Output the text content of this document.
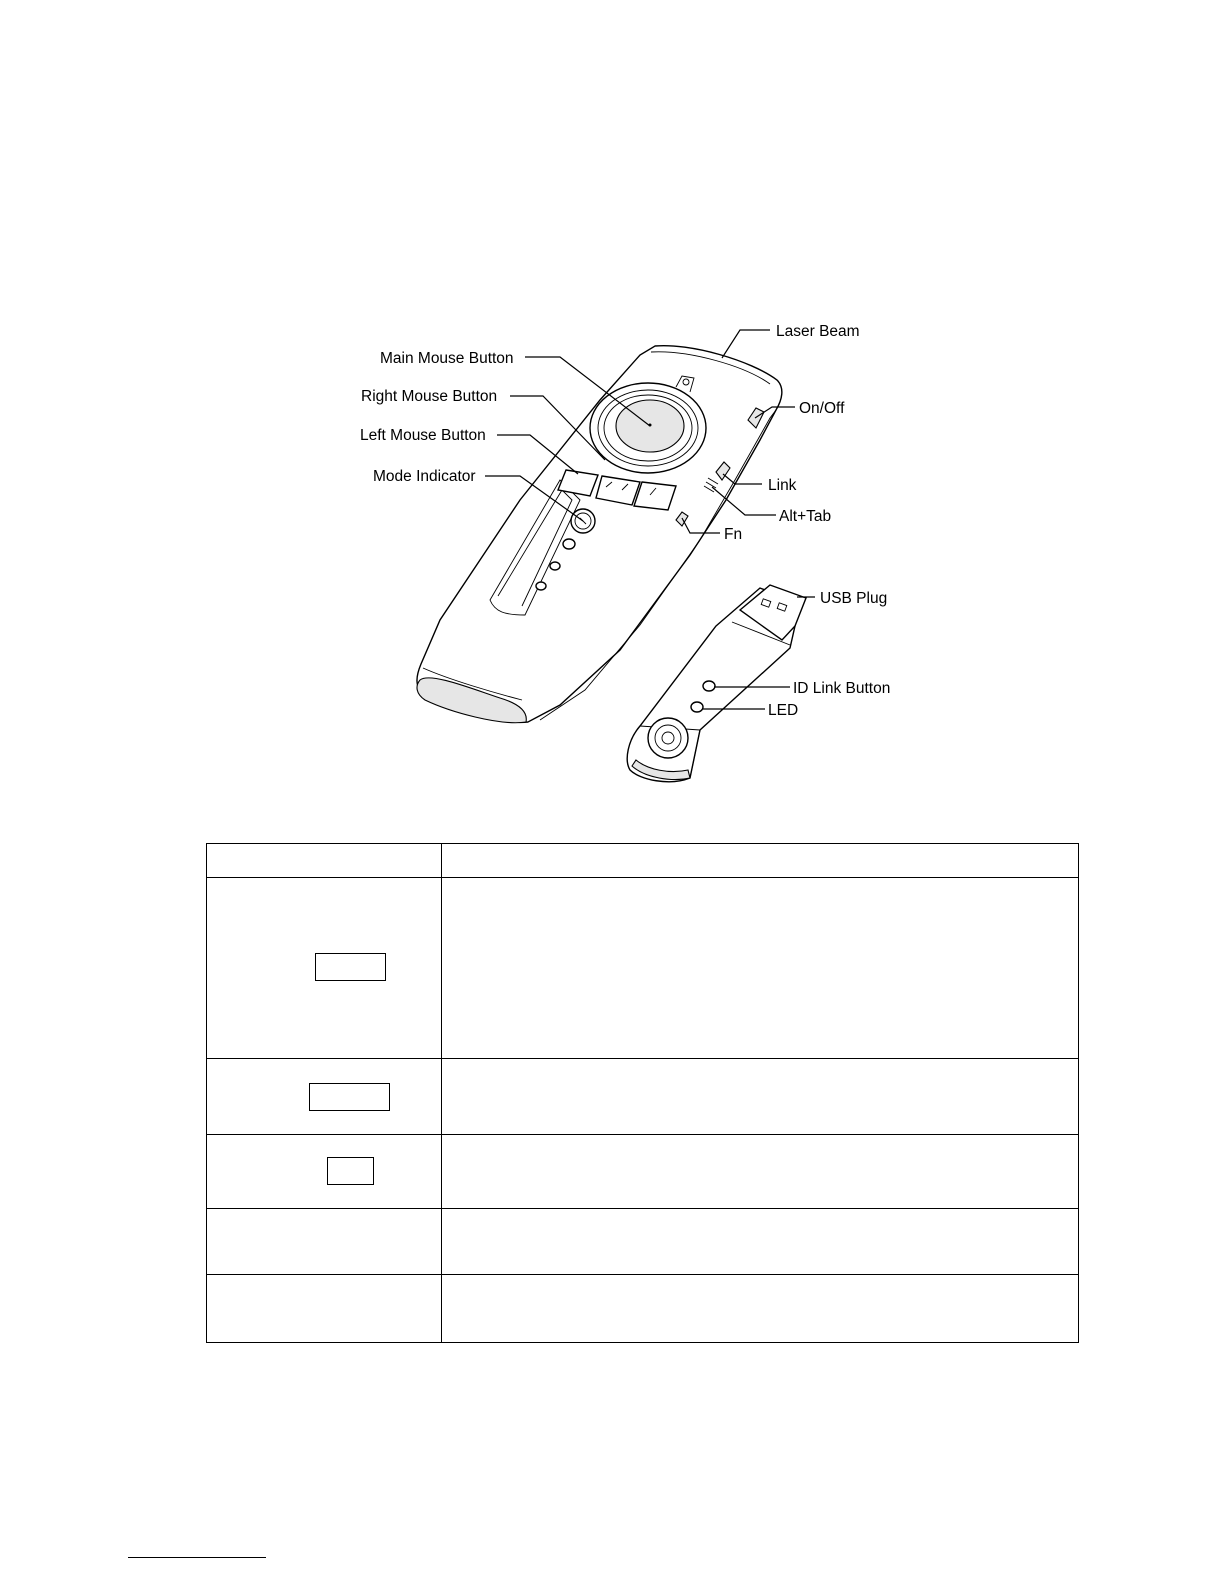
Laser Beam
Main Mouse Button
Right Mouse Button
Left Mouse Button
Mode Indicator
On/Off
Link
Alt+Tab
Fn
USB Plug
ID Link Button
LED
